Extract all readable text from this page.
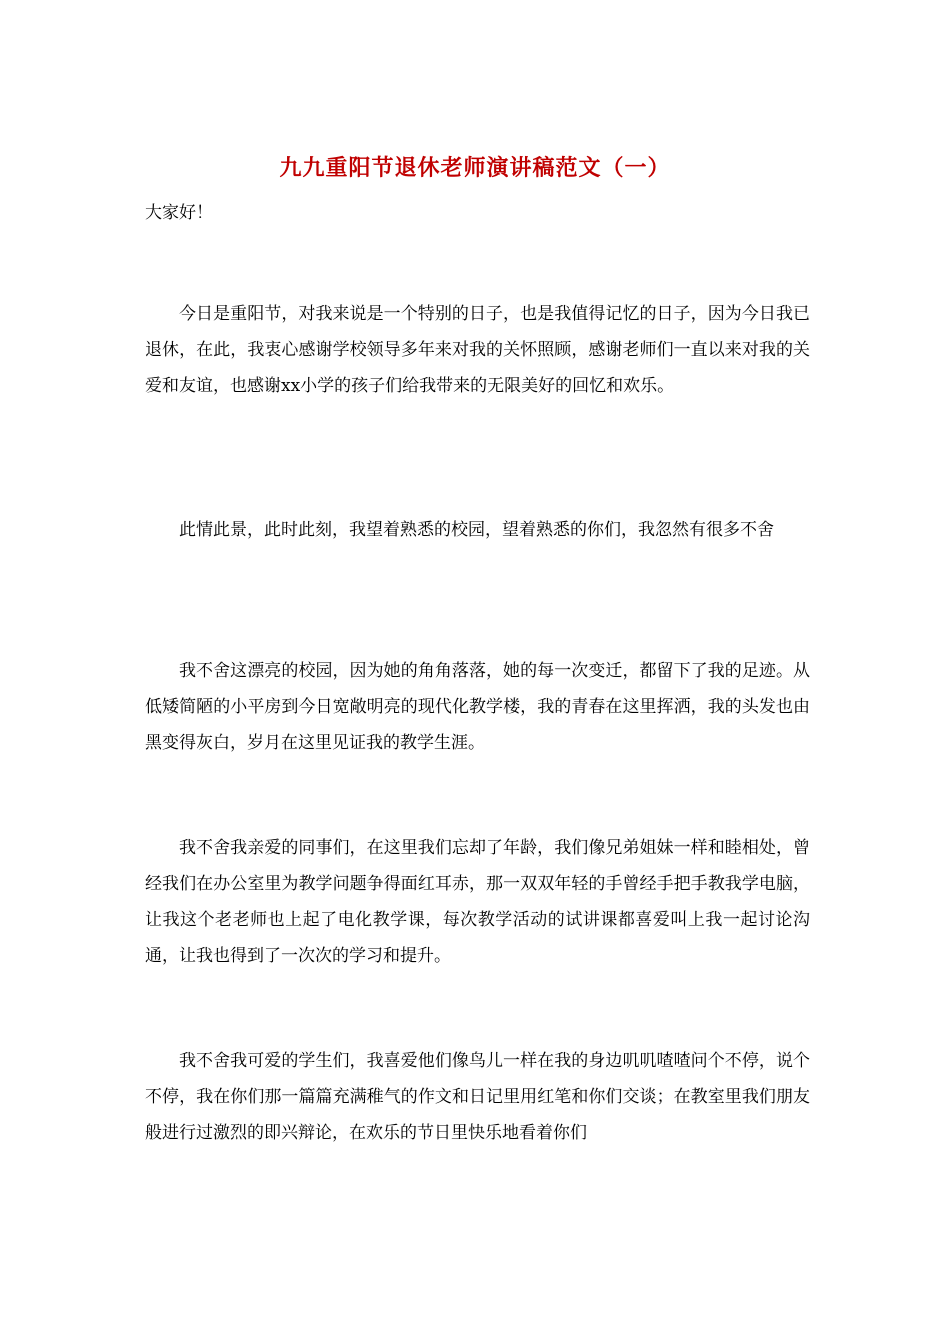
九九重阳节退休老师演讲稿范文（一）

大家好！

今日是重阳节，对我来说是一个特别的日子，也是我值得记忆的日子，因为今日我已退休，在此，我衷心感谢学校领导多年来对我的关怀照顾，感谢老师们一直以来对我的关爱和友谊，也感谢xx小学的孩子们给我带来的无限美好的回忆和欢乐。

此情此景，此时此刻，我望着熟悉的校园，望着熟悉的你们，我忽然有很多不舍

我不舍这漂亮的校园，因为她的角角落落，她的每一次变迁，都留下了我的足迹。从低矮简陋的小平房到今日宽敞明亮的现代化教学楼，我的青春在这里挥洒，我的头发也由黑变得灰白，岁月在这里见证我的教学生涯。

我不舍我亲爱的同事们，在这里我们忘却了年龄，我们像兄弟姐妹一样和睦相处，曾经我们在办公室里为教学问题争得面红耳赤，那一双双年轻的手曾经手把手教我学电脑，让我这个老老师也上起了电化教学课，每次教学活动的试讲课都喜爱叫上我一起讨论沟通，让我也得到了一次次的学习和提升。

我不舍我可爱的学生们，我喜爱他们像鸟儿一样在我的身边叽叽喳喳问个不停，说个不停，我在你们那一篇篇充满稚气的作文和日记里用红笔和你们交谈；在教室里我们朋友般进行过激烈的即兴辩论，在欢乐的节日里快乐地看着你们
